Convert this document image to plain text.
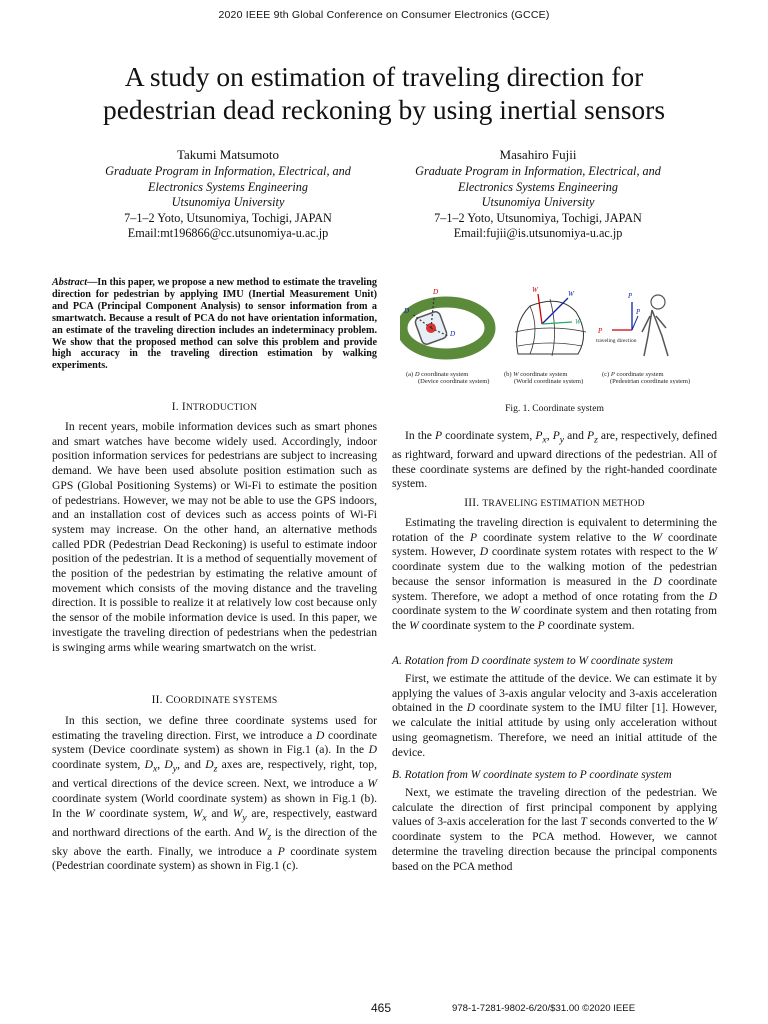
2020 IEEE 9th Global Conference on Consumer Electronics (GCCE)
A study on estimation of traveling direction for
pedestrian dead reckoning by using inertial sensors
Takumi Matsumoto
Graduate Program in Information, Electrical, and
Electronics Systems Engineering
Utsunomiya University
7–1–2 Yoto, Utsunomiya, Tochigi, JAPAN
Email:mt196866@cc.utsunomiya-u.ac.jp
Masahiro Fujii
Graduate Program in Information, Electrical, and
Electronics Systems Engineering
Utsunomiya University
7–1–2 Yoto, Utsunomiya, Tochigi, JAPAN
Email:fujii@is.utsunomiya-u.ac.jp
Abstract—In this paper, we propose a new method to estimate the traveling direction for pedestrian by applying IMU (Inertial Measurement Unit) and PCA (Principal Component Analysis) to sensor information from a smartwatch. Because a result of PCA do not have orientation information, an estimate of the traveling direction includes an indeterminacy problem. We show that the proposed method can solve this problem and provide high accuracy in the traveling direction estimation by walking experiments.
I. INTRODUCTION

In recent years, mobile information devices such as smart phones and smart watches have become widely used. Accordingly, indoor position information services for pedestrians are subject to increasing demand. We have been used absolute position estimation such as GPS (Global Positioning Systems) or Wi-Fi to estimate the position of pedestrians. However, we may not be able to use the GPS indoors, and an installation cost of devices such as access points of Wi-Fi system may increase. On the other hand, an alternative methods called PDR (Pedestrian Dead Reckoning) is useful to estimate indoor position of the pedestrian. It is a method of sequentially movement of the position of the pedestrian by estimating the relative amount of movement which consists of the moving distance and the traveling direction. It is possible to realize it at relatively low cost because only the sensor of the mobile information device is used. In this paper, we investigate the traveling direction of pedestrians when the pedestrian is swinging arms while wearing smartwatch on the wrist.

II. COORDINATE SYSTEMS

In this section, we define three coordinate systems used for estimating the traveling direction. First, we introduce a D coordinate system (Device coordinate system) as shown in Fig.1 (a). In the D coordinate system, $D_x$, $D_y$, and $D_z$ axes are, respectively, right, top, and vertical directions of the device screen. Next, we introduce a W coordinate system (World coordinate system) as shown in Fig.1 (b). In the W coordinate system, $W_x$ and $W_y$ are, respectively, eastward and northward directions of the earth. And $W_z$ is the direction of the sky above the earth. Finally, we introduce a P coordinate system (Pedestrian coordinate system) as shown in Fig.1 (c).

D
D
D
W	W
W
P
P
P
traveling direction
(a) D coordinate system
(Device coordinate system)
(b) W coordinate system
(World coordinate system)
(c) P coordinate system
(Pedestrian coordinate system)
Fig. 1. Coordinate system

In the P coordinate system, $P_x$, $P_y$ and $P_z$ are, respectively, defined as rightward, forward and upward directions of the pedestrian. All of these coordinate systems are defined by the right-handed coordinate system.

III. TRAVELING ESTIMATION METHOD

Estimating the traveling direction is equivalent to determining the rotation of the P coordinate system relative to the W coordinate system. However, D coordinate system rotates with respect to the W coordinate system due to the walking motion of the pedestrian because the sensor information is measured in the D coordinate system. Therefore, we adopt a method of once rotating from the D coordinate system to the W coordinate system and then rotating from the W coordinate system to the P coordinate system.

A. Rotation from D coordinate system to W coordinate system

First, we estimate the attitude of the device. We can estimate it by applying the values of 3-axis angular velocity and 3-axis acceleration obtained in the D coordinate system to the IMU filter [1]. However, we calculate the initial attitude by using only acceleration without using geomagnetism. Therefore, we need an initial attitude of the device.

B. Rotation from W coordinate system to P coordinate system

Next, we estimate the traveling direction of the pedestrian. We calculate the direction of first principal component by applying values of 3-axis acceleration for the last T seconds converted to the W coordinate system to the PCA method. However, we cannot determine the traveling direction because the principal components based on the PCA method

465	978-1-7281-9802-6/20/$31.00 ©2020 IEEE
